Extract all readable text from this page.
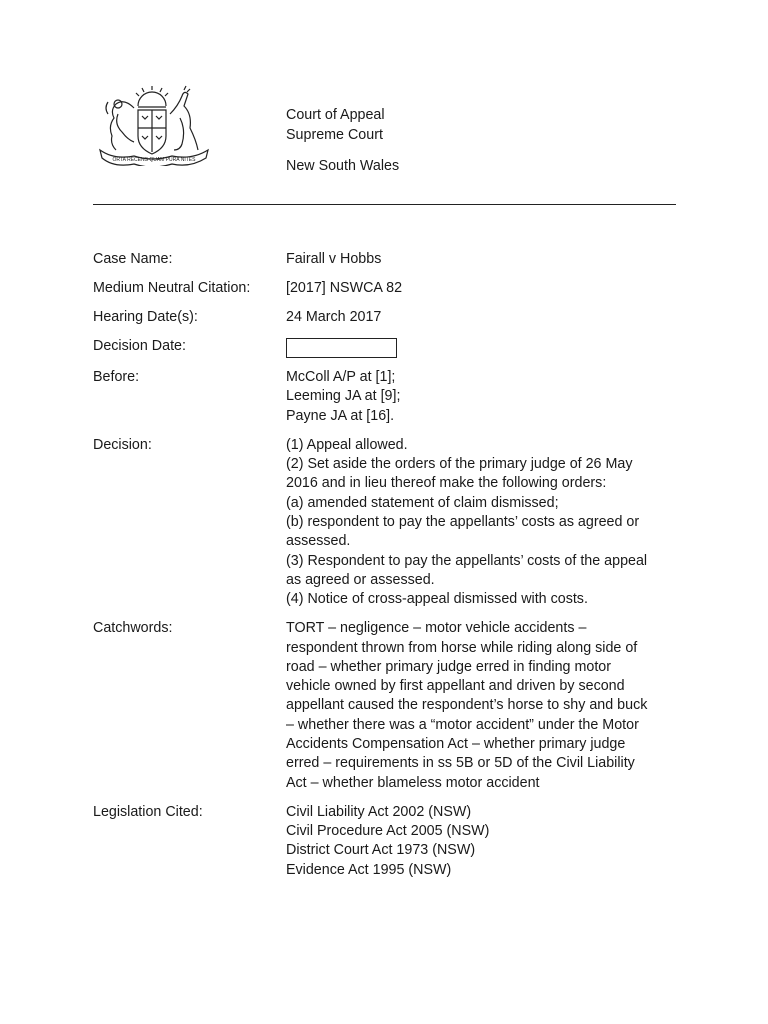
ORTA RECENS QUAM PURA NITES
Court of Appeal
Supreme Court
New South Wales
Case Name:	Fairall v Hobbs
Medium Neutral Citation:	[2017] NSWCA 82
Hearing Date(s):	24 March 2017
Decision Date:
Before:	McColl A/P at [1];
Leeming JA at [9];
Payne JA at [16].
Decision:	(1) Appeal allowed.
(2) Set aside the orders of the primary judge of 26 May 2016 and in lieu thereof make the following orders:
(a) amended statement of claim dismissed;
(b) respondent to pay the appellants’ costs as agreed or assessed.
(3) Respondent to pay the appellants’ costs of the appeal as agreed or assessed.
(4) Notice of cross-appeal dismissed with costs.
Catchwords:	TORT – negligence – motor vehicle accidents – respondent thrown from horse while riding along side of road – whether primary judge erred in finding motor vehicle owned by first appellant and driven by second appellant caused the respondent’s horse to shy and buck – whether there was a “motor accident” under the Motor Accidents Compensation Act – whether primary judge erred – requirements in ss 5B or 5D of the Civil Liability Act – whether blameless motor accident
Legislation Cited:	Civil Liability Act 2002 (NSW)
Civil Procedure Act 2005 (NSW)
District Court Act 1973 (NSW)
Evidence Act 1995 (NSW)
